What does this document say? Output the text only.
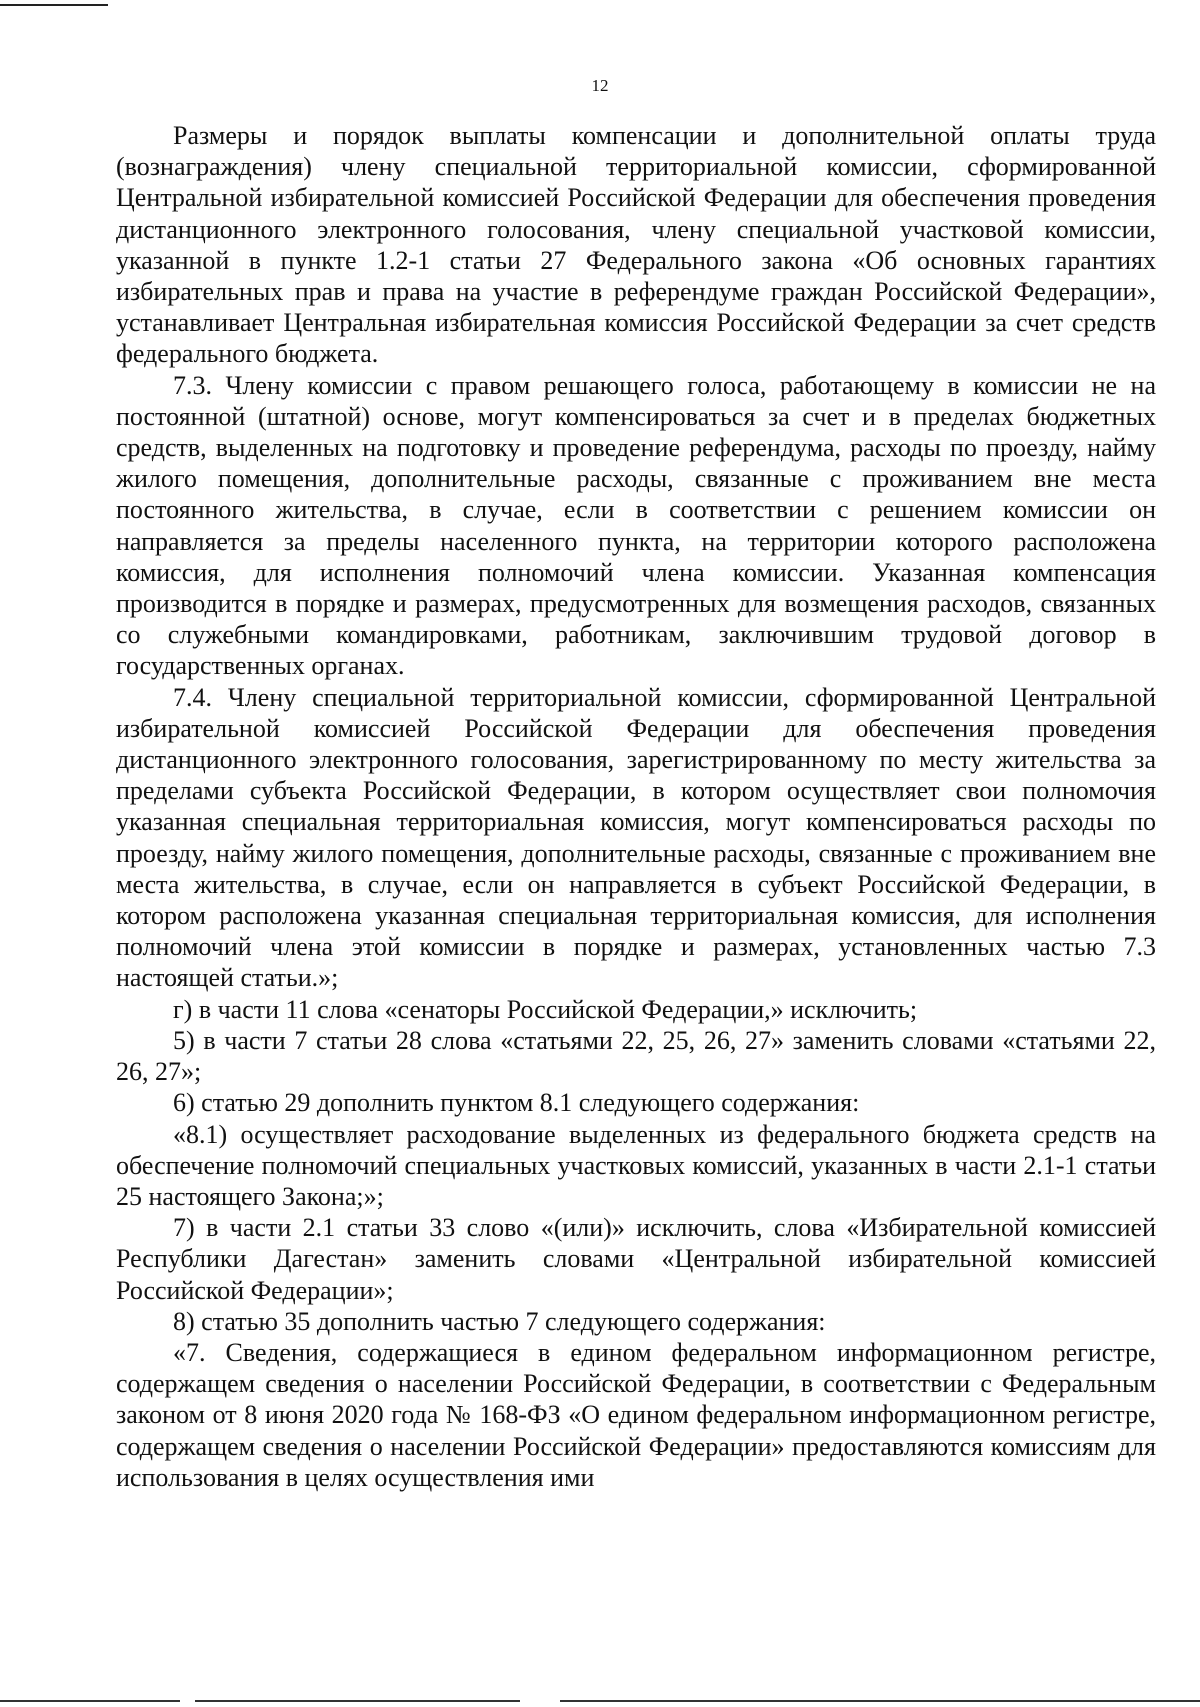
12

Размеры и порядок выплаты компенсации и дополнительной оплаты труда (вознаграждения) члену специальной территориальной комиссии, сформированной Центральной избирательной комиссией Российской Федерации для обеспечения проведения дистанционного электронного голосования, члену специальной участковой комиссии, указанной в пункте 1.2-1 статьи 27 Федерального закона «Об основных гарантиях избирательных прав и права на участие в референдуме граждан Российской Федерации», устанавливает Центральная избирательная комиссия Российской Федерации за счет средств федерального бюджета.

7.3. Члену комиссии с правом решающего голоса, работающему в комиссии не на постоянной (штатной) основе, могут компенсироваться за счет и в пределах бюджетных средств, выделенных на подготовку и проведение референдума, расходы по проезду, найму жилого помещения, дополнительные расходы, связанные с проживанием вне места постоянного жительства, в случае, если в соответствии с решением комиссии он направляется за пределы населенного пункта, на территории которого расположена комиссия, для исполнения полномочий члена комиссии. Указанная компенсация производится в порядке и размерах, предусмотренных для возмещения расходов, связанных со служебными командировками, работникам, заключившим трудовой договор в государственных органах.

7.4. Члену специальной территориальной комиссии, сформированной Центральной избирательной комиссией Российской Федерации для обеспечения проведения дистанционного электронного голосования, зарегистрированному по месту жительства за пределами субъекта Российской Федерации, в котором осуществляет свои полномочия указанная специальная территориальная комиссия, могут компенсироваться расходы по проезду, найму жилого помещения, дополнительные расходы, связанные с проживанием вне места жительства, в случае, если он направляется в субъект Российской Федерации, в котором расположена указанная специальная территориальная комиссия, для исполнения полномочий члена этой комиссии в порядке и размерах, установленных частью 7.3 настоящей статьи.»;

г) в части 11 слова «сенаторы Российской Федерации,» исключить;

5) в части 7 статьи 28 слова «статьями 22, 25, 26, 27» заменить словами «статьями 22, 26, 27»;

6) статью 29 дополнить пунктом 8.1 следующего содержания:

«8.1) осуществляет расходование выделенных из федерального бюджета средств на обеспечение полномочий специальных участковых комиссий, указанных в части 2.1-1 статьи 25 настоящего Закона;»;

7) в части 2.1 статьи 33 слово «(или)» исключить, слова «Избирательной комиссией Республики Дагестан» заменить словами «Центральной избирательной комиссией Российской Федерации»;

8) статью 35 дополнить частью 7 следующего содержания:

«7. Сведения, содержащиеся в едином федеральном информационном регистре, содержащем сведения о населении Российской Федерации, в соответствии с Федеральным законом от 8 июня 2020 года № 168-ФЗ «О едином федеральном информационном регистре, содержащем сведения о населении Российской Федерации» предоставляются комиссиям для использования в целях осуществления ими
